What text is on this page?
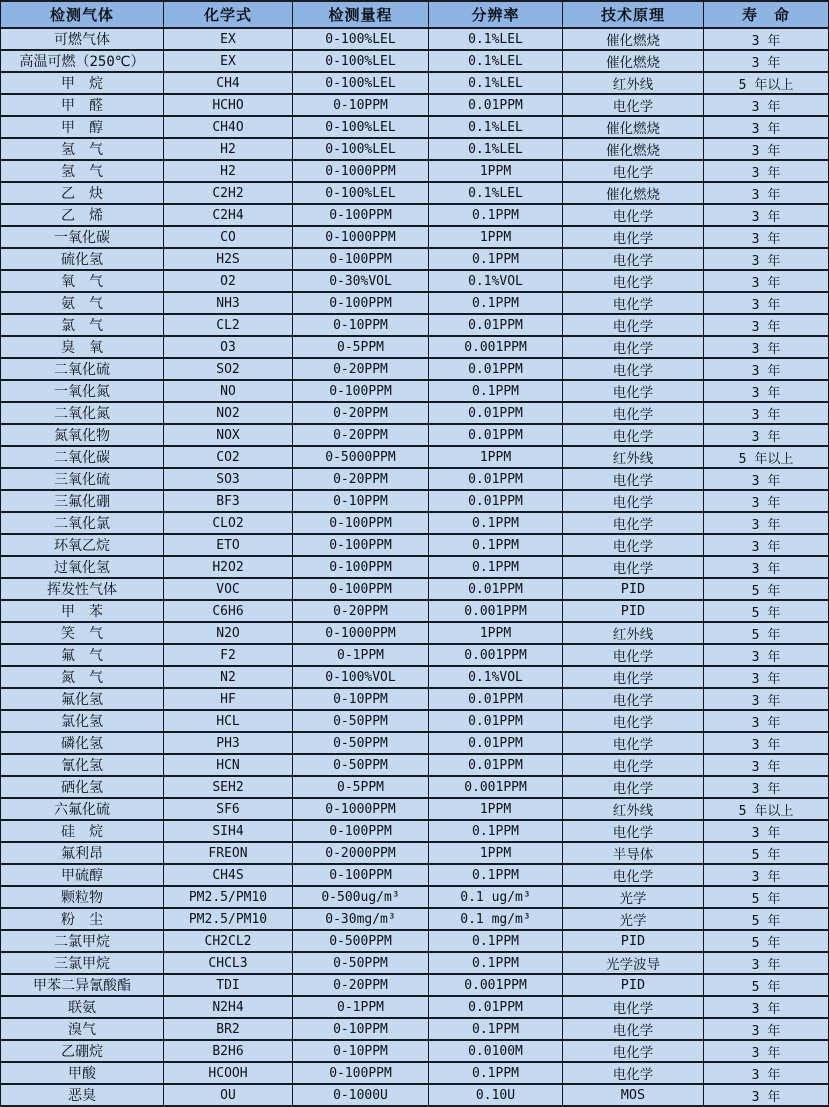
检测气体	化学式	检测量程	分辨率	技术原理	寿　命
可燃气体	EX	0-100%LEL	0.1%LEL	催化燃烧	3 年
高温可燃（250℃）	EX	0-100%LEL	0.1%LEL	催化燃烧	3 年
甲　烷	CH4	0-100%LEL	0.1%LEL	红外线	5 年以上
甲　醛	HCHO	0-10PPM	0.01PPM	电化学	3 年
甲　醇	CH4O	0-100%LEL	0.1%LEL	催化燃烧	3 年
氢　气	H2	0-100%LEL	0.1%LEL	催化燃烧	3 年
氢　气	H2	0-1000PPM	1PPM	电化学	3 年
乙　炔	C2H2	0-100%LEL	0.1%LEL	催化燃烧	3 年
乙　烯	C2H4	0-100PPM	0.1PPM	电化学	3 年
一氧化碳	CO	0-1000PPM	1PPM	电化学	3 年
硫化氢	H2S	0-100PPM	0.1PPM	电化学	3 年
氧　气	O2	0-30%VOL	0.1%VOL	电化学	3 年
氨　气	NH3	0-100PPM	0.1PPM	电化学	3 年
氯　气	CL2	0-10PPM	0.01PPM	电化学	3 年
臭　氧	O3	0-5PPM	0.001PPM	电化学	3 年
二氧化硫	SO2	0-20PPM	0.01PPM	电化学	3 年
一氧化氮	NO	0-100PPM	0.1PPM	电化学	3 年
二氧化氮	NO2	0-20PPM	0.01PPM	电化学	3 年
氮氧化物	NOX	0-20PPM	0.01PPM	电化学	3 年
二氧化碳	CO2	0-5000PPM	1PPM	红外线	5 年以上
三氧化硫	SO3	0-20PPM	0.01PPM	电化学	3 年
三氟化硼	BF3	0-10PPM	0.01PPM	电化学	3 年
二氧化氯	CLO2	0-100PPM	0.1PPM	电化学	3 年
环氧乙烷	ETO	0-100PPM	0.1PPM	电化学	3 年
过氧化氢	H2O2	0-100PPM	0.1PPM	电化学	3 年
挥发性气体	VOC	0-100PPM	0.01PPM	PID	5 年
甲　苯	C6H6	0-20PPM	0.001PPM	PID	5 年
笑　气	N2O	0-1000PPM	1PPM	红外线	5 年
氟　气	F2	0-1PPM	0.001PPM	电化学	3 年
氮　气	N2	0-100%VOL	0.1%VOL	电化学	3 年
氟化氢	HF	0-10PPM	0.01PPM	电化学	3 年
氯化氢	HCL	0-50PPM	0.01PPM	电化学	3 年
磷化氢	PH3	0-50PPM	0.01PPM	电化学	3 年
氰化氢	HCN	0-50PPM	0.01PPM	电化学	3 年
硒化氢	SEH2	0-5PPM	0.001PPM	电化学	3 年
六氟化硫	SF6	0-1000PPM	1PPM	红外线	5 年以上
硅　烷	SIH4	0-100PPM	0.1PPM	电化学	3 年
氟利昂	FREON	0-2000PPM	1PPM	半导体	5 年
甲硫醇	CH4S	0-100PPM	0.1PPM	电化学	3 年
颗粒物	PM2.5/PM10	0-500ug/m³	0.1 ug/m³	光学	5 年
粉　尘	PM2.5/PM10	0-30mg/m³	0.1 mg/m³	光学	5 年
二氯甲烷	CH2CL2	0-500PPM	0.1PPM	PID	5 年
三氯甲烷	CHCL3	0-50PPM	0.1PPM	光学波导	3 年
甲苯二异氰酸酯	TDI	0-20PPM	0.001PPM	PID	5 年
联氨	N2H4	0-1PPM	0.01PPM	电化学	3 年
溴气	BR2	0-10PPM	0.1PPM	电化学	3 年
乙硼烷	B2H6	0-10PPM	0.0100M	电化学	3 年
甲酸	HCOOH	0-100PPM	0.1PPM	电化学	3 年
恶臭	OU	0-1000U	0.10U	MOS	3 年
